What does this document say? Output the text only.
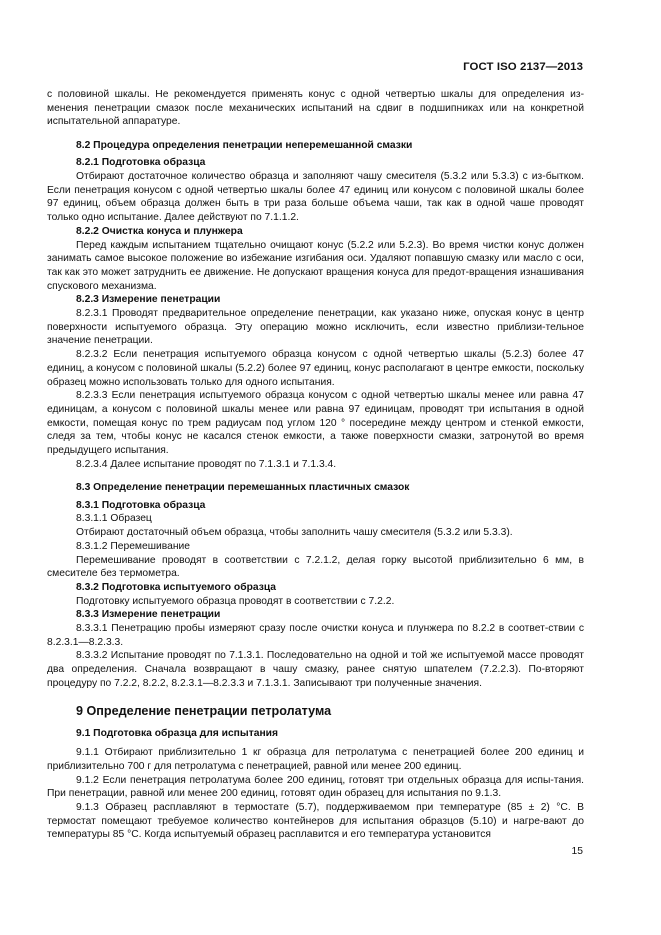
ГОСТ ISO 2137—2013

с половиной шкалы. Не рекомендуется применять конус с одной четвертью шкалы для определения из-менения пенетрации смазок после механических испытаний на сдвиг в подшипниках или на конкретной испытательной аппаратуре.

8.2 Процедура определения пенетрации неперемешанной смазки

8.2.1 Подготовка образца

Отбирают достаточное количество образца и заполняют чашу смесителя (5.3.2 или 5.3.3) с из-бытком. Если пенетрация конусом с одной четвертью шкалы более 47 единиц или конусом с половиной шкалы более 97 единиц, объем образца должен быть в три раза больше объема чаши, так как в одной чаше проводят только одно испытание. Далее действуют по 7.1.1.2.

8.2.2 Очистка конуса и плунжера

Перед каждым испытанием тщательно очищают конус (5.2.2 или 5.2.3). Во время чистки конус должен занимать самое высокое положение во избежание изгибания оси. Удаляют попавшую смазку или масло с оси, так как это может затруднить ее движение. Не допускают вращения конуса для предот-вращения изнашивания спускового механизма.

8.2.3 Измерение пенетрации

8.2.3.1 Проводят предварительное определение пенетрации, как указано ниже, опуская конус в центр поверхности испытуемого образца. Эту операцию можно исключить, если известно приблизи-тельное значение пенетрации.

8.2.3.2 Если пенетрация испытуемого образца конусом с одной четвертью шкалы (5.2.3) более 47 единиц, а конусом с половиной шкалы (5.2.2) более 97 единиц, конус располагают в центре емкости, поскольку образец можно использовать только для одного испытания.

8.2.3.3 Если пенетрация испытуемого образца конусом с одной четвертью шкалы менее или равна 47 единицам, а конусом с половиной шкалы менее или равна 97 единицам, проводят три испытания в одной емкости, помещая конус по трем радиусам под углом 120 ° посередине между центром и стенкой емкости, следя за тем, чтобы конус не касался стенок емкости, а также поверхности смазки, затронутой во время предыдущего испытания.

8.2.3.4 Далее испытание проводят по 7.1.3.1 и 7.1.3.4.

8.3 Определение пенетрации перемешанных пластичных смазок

8.3.1 Подготовка образца

8.3.1.1 Образец

Отбирают достаточный объем образца, чтобы заполнить чашу смесителя (5.3.2 или 5.3.3).

8.3.1.2 Перемешивание

Перемешивание проводят в соответствии с 7.2.1.2, делая горку высотой приблизительно 6 мм, в смесителе без термометра.

8.3.2 Подготовка испытуемого образца

Подготовку испытуемого образца проводят в соответствии с 7.2.2.

8.3.3 Измерение пенетрации

8.3.3.1 Пенетрацию пробы измеряют сразу после очистки конуса и плунжера по 8.2.2 в соответ-ствии с 8.2.3.1—8.2.3.3.

8.3.3.2 Испытание проводят по 7.1.3.1. Последовательно на одной и той же испытуемой массе проводят два определения. Сначала возвращают в чашу смазку, ранее снятую шпателем (7.2.2.3). По-вторяют процедуру по 7.2.2, 8.2.2, 8.2.3.1—8.2.3.3 и 7.1.3.1. Записывают три полученные значения.

9 Определение пенетрации петролатума

9.1 Подготовка образца для испытания

9.1.1 Отбирают приблизительно 1 кг образца для петролатума с пенетрацией более 200 единиц и приблизительно 700 г для петролатума с пенетрацией, равной или менее 200 единиц.

9.1.2 Если пенетрация петролатума более 200 единиц, готовят три отдельных образца для испы-тания. При пенетрации, равной или менее 200 единиц, готовят один образец для испытания по 9.1.3.

9.1.3 Образец расплавляют в термостате (5.7), поддерживаемом при температуре (85 ± 2) °С. В термостат помещают требуемое количество контейнеров для испытания образцов (5.10) и нагре-вают до температуры 85 °С. Когда испытуемый образец расплавится и его температура установится

15
